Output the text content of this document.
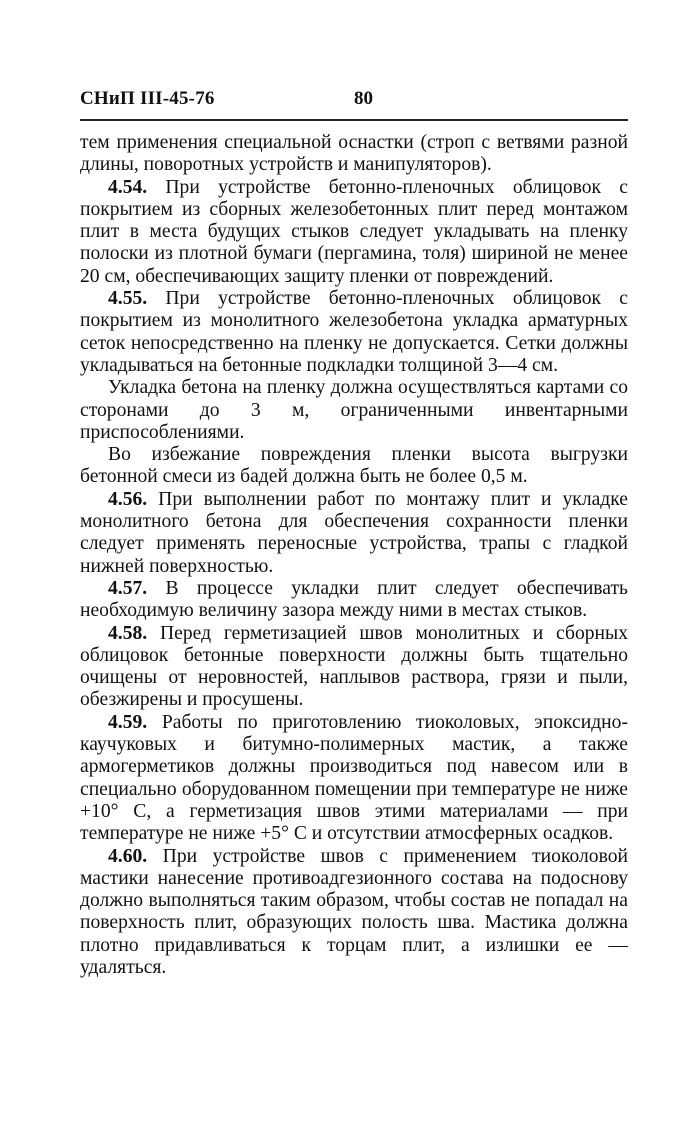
СНиП III-45-76	80

тем применения специальной оснастки (строп с ветвями разной длины, поворотных устройств и манипуляторов).

4.54. При устройстве бетонно-пленочных облицовок с покрытием из сборных железобетонных плит перед монтажом плит в места будущих стыков следует укладывать на пленку полоски из плотной бумаги (пергамина, толя) шириной не менее 20 см, обеспечивающих защиту пленки от повреждений.

4.55. При устройстве бетонно-пленочных облицовок с покрытием из монолитного железобетона укладка арматурных сеток непосредственно на пленку не допускается. Сетки должны укладываться на бетонные подкладки толщиной 3—4 см.

Укладка бетона на пленку должна осуществляться картами со сторонами до 3 м, ограниченными инвентарными приспособлениями.

Во избежание повреждения пленки высота выгрузки бетонной смеси из бадей должна быть не более 0,5 м.

4.56. При выполнении работ по монтажу плит и укладке монолитного бетона для обеспечения сохранности пленки следует применять переносные устройства, трапы с гладкой нижней поверхностью.

4.57. В процессе укладки плит следует обеспечивать необходимую величину зазора между ними в местах стыков.

4.58. Перед герметизацией швов монолитных и сборных облицовок бетонные поверхности должны быть тщательно очищены от неровностей, наплывов раствора, грязи и пыли, обезжирены и просушены.

4.59. Работы по приготовлению тиоколовых, эпоксидно-каучуковых и битумно-полимерных мастик, а также армогерметиков должны производиться под навесом или в специально оборудованном помещении при температуре не ниже +10° С, а герметизация швов этими материалами — при температуре не ниже +5° С и отсутствии атмосферных осадков.

4.60. При устройстве швов с применением тиоколовой мастики нанесение противоадгезионного состава на подоснову должно выполняться таким образом, чтобы состав не попадал на поверхность плит, образующих полость шва. Мастика должна плотно придавливаться к торцам плит, а излишки ее — удаляться.
